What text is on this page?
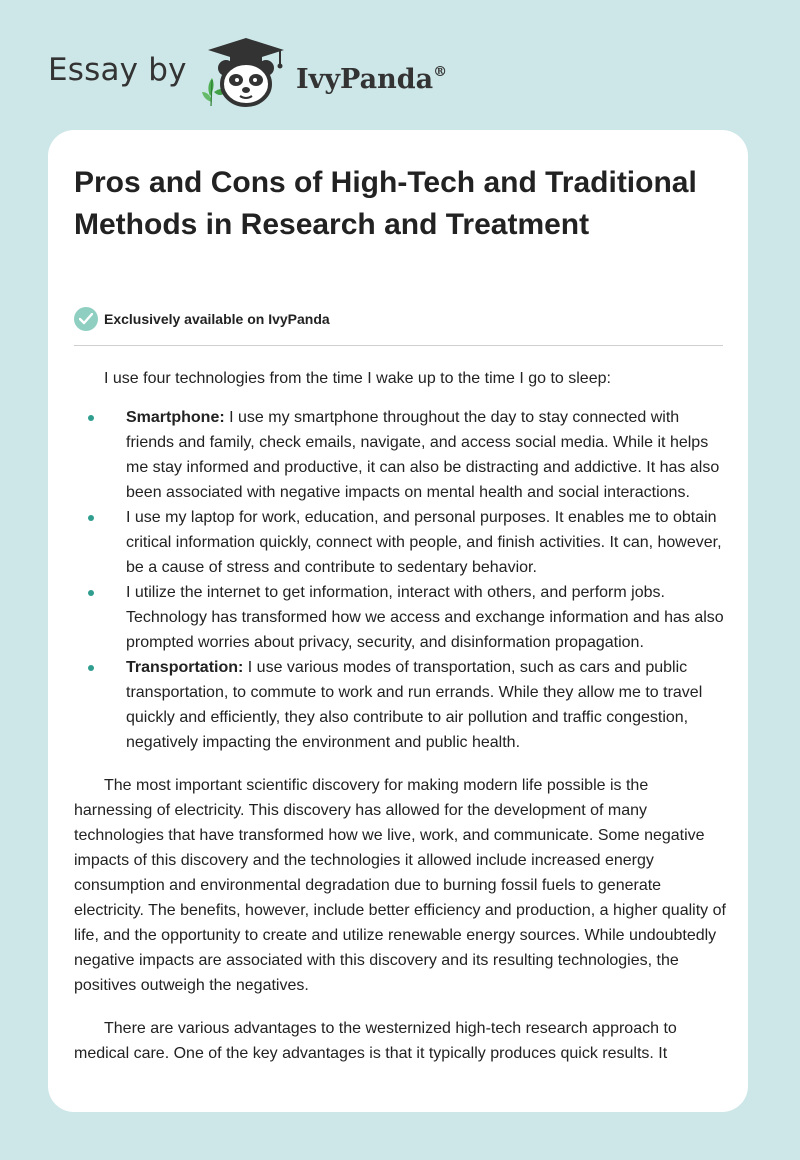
Essay by	IvyPanda®
Pros and Cons of High-Tech and Traditional Methods in Research and Treatment
Exclusively available on IvyPanda

I use four technologies from the time I wake up to the time I go to sleep:

Smartphone: I use my smartphone throughout the day to stay connected with friends and family, check emails, navigate, and access social media. While it helps me stay informed and productive, it can also be distracting and addictive. It has also been associated with negative impacts on mental health and social interactions.
I use my laptop for work, education, and personal purposes. It enables me to obtain critical information quickly, connect with people, and finish activities. It can, however, be a cause of stress and contribute to sedentary behavior.
I utilize the internet to get information, interact with others, and perform jobs. Technology has transformed how we access and exchange information and has also prompted worries about privacy, security, and disinformation propagation.
Transportation: I use various modes of transportation, such as cars and public transportation, to commute to work and run errands. While they allow me to travel quickly and efficiently, they also contribute to air pollution and traffic congestion, negatively impacting the environment and public health.

The most important scientific discovery for making modern life possible is the harnessing of electricity. This discovery has allowed for the development of many technologies that have transformed how we live, work, and communicate. Some negative impacts of this discovery and the technologies it allowed include increased energy consumption and environmental degradation due to burning fossil fuels to generate electricity. The benefits, however, include better efficiency and production, a higher quality of life, and the opportunity to create and utilize renewable energy sources. While undoubtedly negative impacts are associated with this discovery and its resulting technologies, the positives outweigh the negatives.

There are various advantages to the westernized high-tech research approach to medical care. One of the key advantages is that it typically produces quick results. It
